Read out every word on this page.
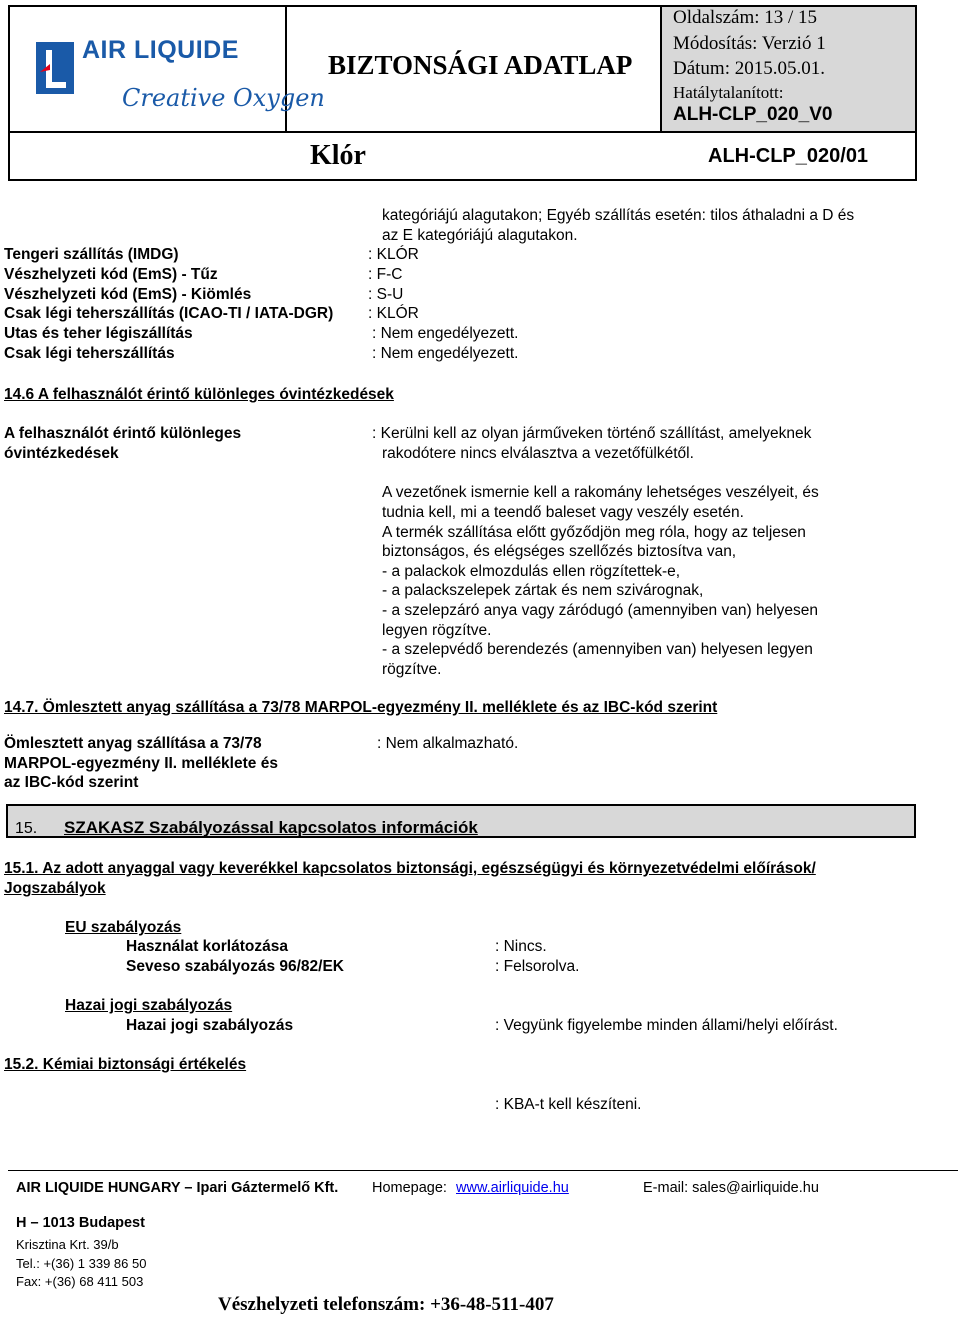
AIR LIQUIDE
Creative Oxygen
BIZTONSÁGI ADATLAP
Oldalszám: 13 / 15
Módosítás: Verzió 1
Dátum: 2015.05.01.
Hatálytalanított:
ALH-CLP_020_V0
Klór	ALH-CLP_020/01
kategóriájú alagutakon; Egyéb szállítás esetén: tilos áthaladni a D és
az E kategóriájú alagutakon.
Tengeri szállítás (IMDG)	: KLÓR
Vészhelyzeti kód (EmS) - Tűz	: F-C
Vészhelyzeti kód (EmS) - Kiömlés	: S-U
Csak légi teherszállítás (ICAO-TI / IATA-DGR) : KLÓR
Utas és teher légiszállítás	: Nem engedélyezett.
Csak légi teherszállítás	: Nem engedélyezett.
14.6 A felhasználót érintő különleges óvintézkedések
A felhasználót érintő különleges
óvintézkedések
: Kerülni kell az olyan járműveken történő szállítást, amelyeknek
rakodótere nincs elválasztva a vezetőfülkétől.
A vezetőnek ismernie kell a rakomány lehetséges veszélyeit, és
tudnia kell, mi a teendő baleset vagy veszély esetén.
A termék szállítása előtt győződjön meg róla, hogy az teljesen
biztonságos, és elégséges szellőzés biztosítva van,
- a palackok elmozdulás ellen rögzítettek-e,
- a palackszelepek zártak és nem szivárognak,
- a szelepzáró anya vagy záródugó (amennyiben van) helyesen
legyen rögzítve.
- a szelepvédő berendezés (amennyiben van) helyesen legyen
rögzítve.
14.7. Ömlesztett anyag szállítása a 73/78 MARPOL-egyezmény II. melléklete és az IBC-kód szerint
Ömlesztett anyag szállítása a 73/78
MARPOL-egyezmény II. melléklete és
az IBC-kód szerint
: Nem alkalmazható.
15. SZAKASZ Szabályozással kapcsolatos információk
15.1. Az adott anyaggal vagy keverékkel kapcsolatos biztonsági, egészségügyi és környezetvédelmi előírások/
Jogszabályok
EU szabályozás
Használat korlátozása	: Nincs.
Seveso szabályozás 96/82/EK	: Felsorolva.
Hazai jogi szabályozás
Hazai jogi szabályozás	: Vegyünk figyelembe minden állami/helyi előírást.
15.2. Kémiai biztonsági értékelés
: KBA-t kell készíteni.
AIR LIQUIDE HUNGARY – Ipari Gáztermelő Kft. Homepage: www.airliquide.hu	E-mail: sales@airliquide.hu
H – 1013 Budapest
Krisztina Krt. 39/b
Tel.: +(36) 1 339 86 50
Fax: +(36) 68 411 503
Vészhelyzeti telefonszám: +36-48-511-407
